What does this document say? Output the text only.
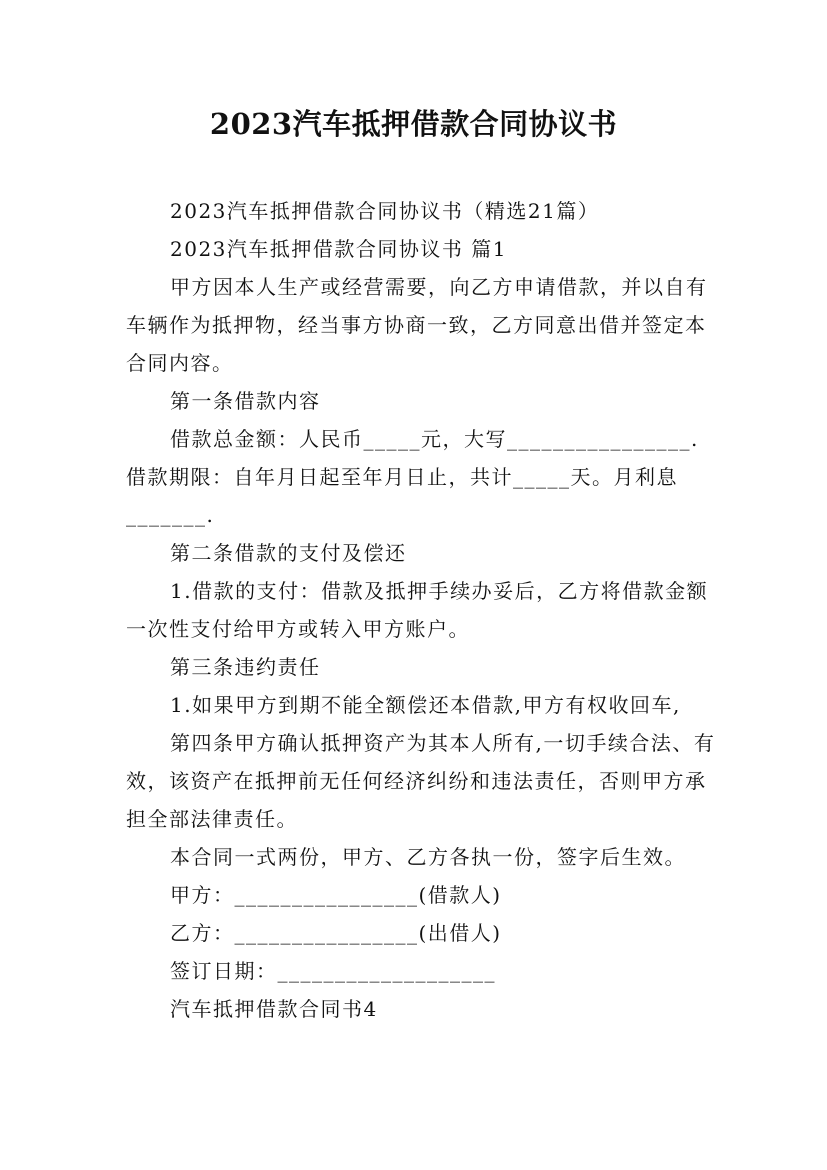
2023汽车抵押借款合同协议书

2023汽车抵押借款合同协议书（精选21篇）

2023汽车抵押借款合同协议书 篇1

甲方因本人生产或经营需要，向乙方申请借款，并以自有车辆作为抵押物，经当事方协商一致，乙方同意出借并签定本合同内容。

第一条借款内容

借款总金额：人民币_____元，大写________________.借款期限：自年月日起至年月日止，共计_____天。月利息_______.

第二条借款的支付及偿还

1.借款的支付：借款及抵押手续办妥后，乙方将借款金额一次性支付给甲方或转入甲方账户。

第三条违约责任

1.如果甲方到期不能全额偿还本借款,甲方有权收回车,

第四条甲方确认抵押资产为其本人所有,一切手续合法、有效，该资产在抵押前无任何经济纠纷和违法责任，否则甲方承担全部法律责任。

本合同一式两份，甲方、乙方各执一份，签字后生效。

甲方：________________(借款人)

乙方：________________(出借人)

签订日期：___________________

汽车抵押借款合同书4
